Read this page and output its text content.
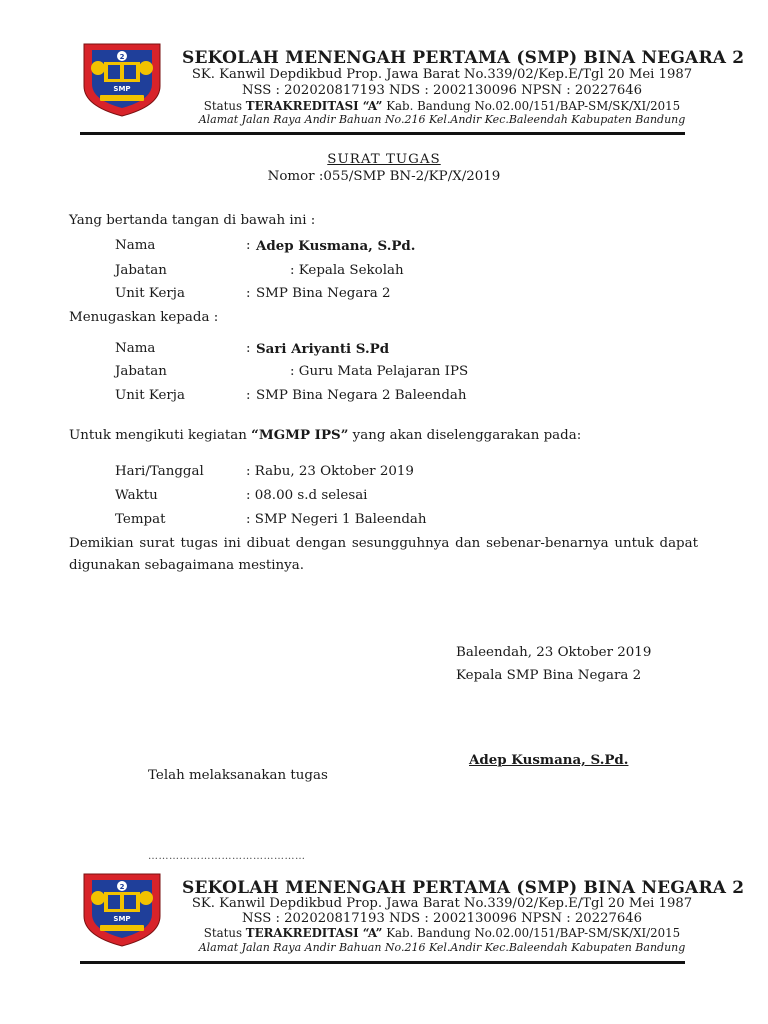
2
SMP
SEKOLAH MENENGAH PERTAMA (SMP) BINA NEGARA 2
SK. Kanwil Depdikbud Prop. Jawa Barat No.339/02/Kep.E/Tgl 20 Mei 1987
NSS : 202020817193 NDS : 2002130096 NPSN : 20227646
Status TERAKREDITASI “A” Kab. Bandung No.02.00/151/BAP-SM/SK/XI/2015
Alamat Jalan Raya Andir Bahuan No.216 Kel.Andir Kec.Baleendah Kabupaten Bandung
SURAT TUGAS
Nomor :055/SMP BN-2/KP/X/2019
Yang bertanda tangan di bawah ini :
Nama	: Adep Kusmana, S.Pd.
Jabatan	: Kepala Sekolah
Unit Kerja	: SMP Bina Negara 2
Menugaskan kepada :
Nama	: Sari Ariyanti S.Pd
Jabatan	: Guru Mata Pelajaran IPS
Unit Kerja	: SMP Bina Negara 2 Baleendah
Untuk mengikuti kegiatan “MGMP IPS” yang akan diselenggarakan pada:
Hari/Tanggal	: Rabu, 23 Oktober 2019
Waktu	: 08.00 s.d selesai
Tempat	: SMP Negeri 1 Baleendah
Demikian surat tugas ini dibuat dengan sesungguhnya dan sebenar-benarnya untuk dapat digunakan sebagaimana mestinya.
Baleendah, 23 Oktober 2019
Kepala SMP Bina Negara 2
Adep Kusmana, S.Pd.
Telah melaksanakan tugas
………………………………………
2
SMP
SEKOLAH MENENGAH PERTAMA (SMP) BINA NEGARA 2
SK. Kanwil Depdikbud Prop. Jawa Barat No.339/02/Kep.E/Tgl 20 Mei 1987
NSS : 202020817193 NDS : 2002130096 NPSN : 20227646
Status TERAKREDITASI “A” Kab. Bandung No.02.00/151/BAP-SM/SK/XI/2015
Alamat Jalan Raya Andir Bahuan No.216 Kel.Andir Kec.Baleendah Kabupaten Bandung
